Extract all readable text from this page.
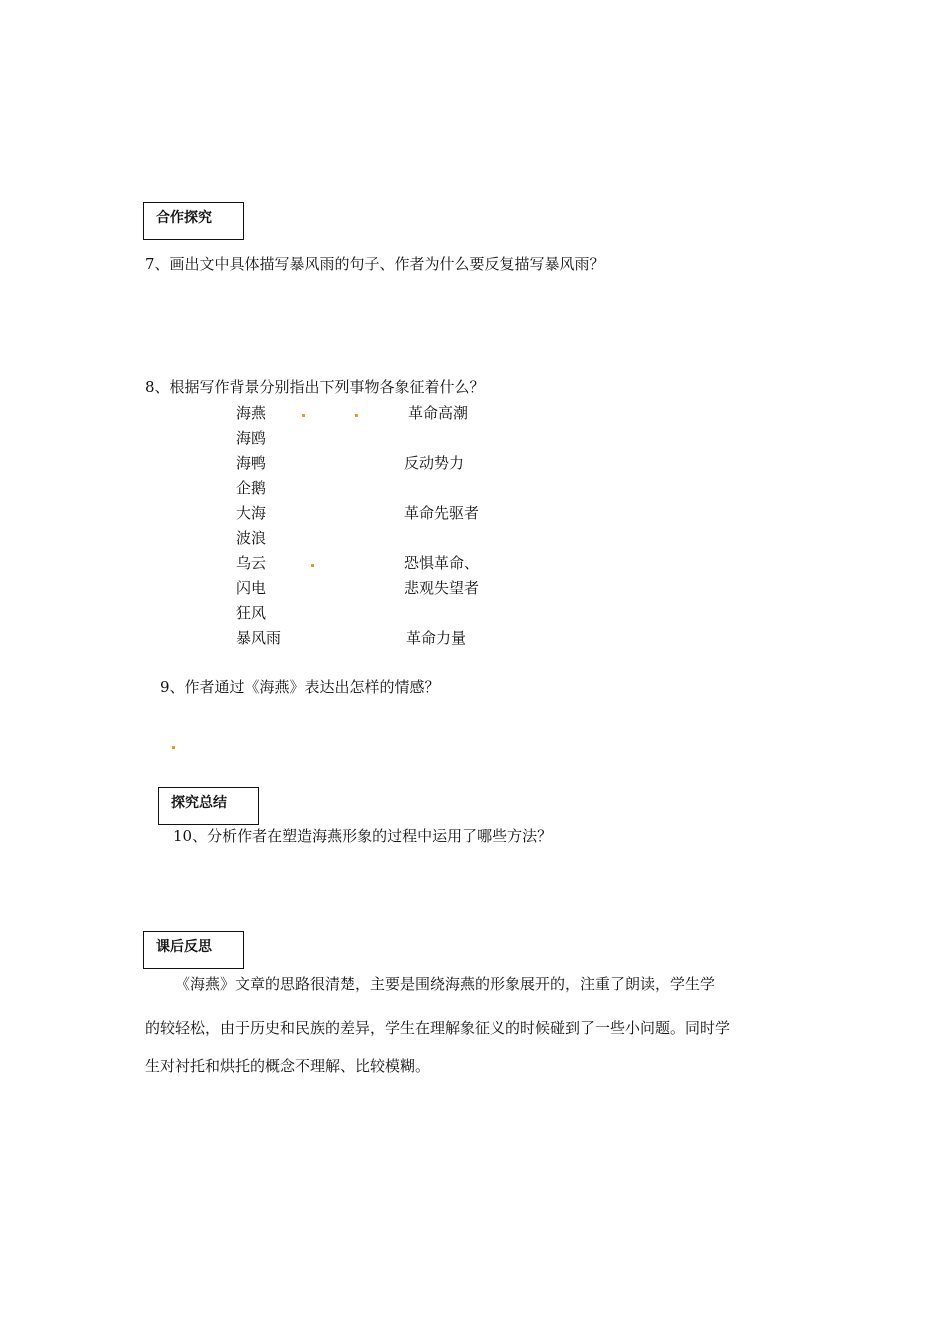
合作探究
7、画出文中具体描写暴风雨的句子、作者为什么要反复描写暴风雨？
8、根据写作背景分别指出下列事物各象征着什么？
海燕
海鸥
海鸭
企鹅
大海
波浪
乌云
闪电
狂风
暴风雨
革命高潮
反动势力
革命先驱者
恐惧革命、
悲观失望者
革命力量
9、作者通过《海燕》表达出怎样的情感？
探究总结
10、分析作者在塑造海燕形象的过程中运用了哪些方法？
课后反思
《海燕》文章的思路很清楚，主要是围绕海燕的形象展开的，注重了朗读，学生学
的较轻松，由于历史和民族的差异，学生在理解象征义的时候碰到了一些小问题。同时学
生对衬托和烘托的概念不理解、比较模糊。
